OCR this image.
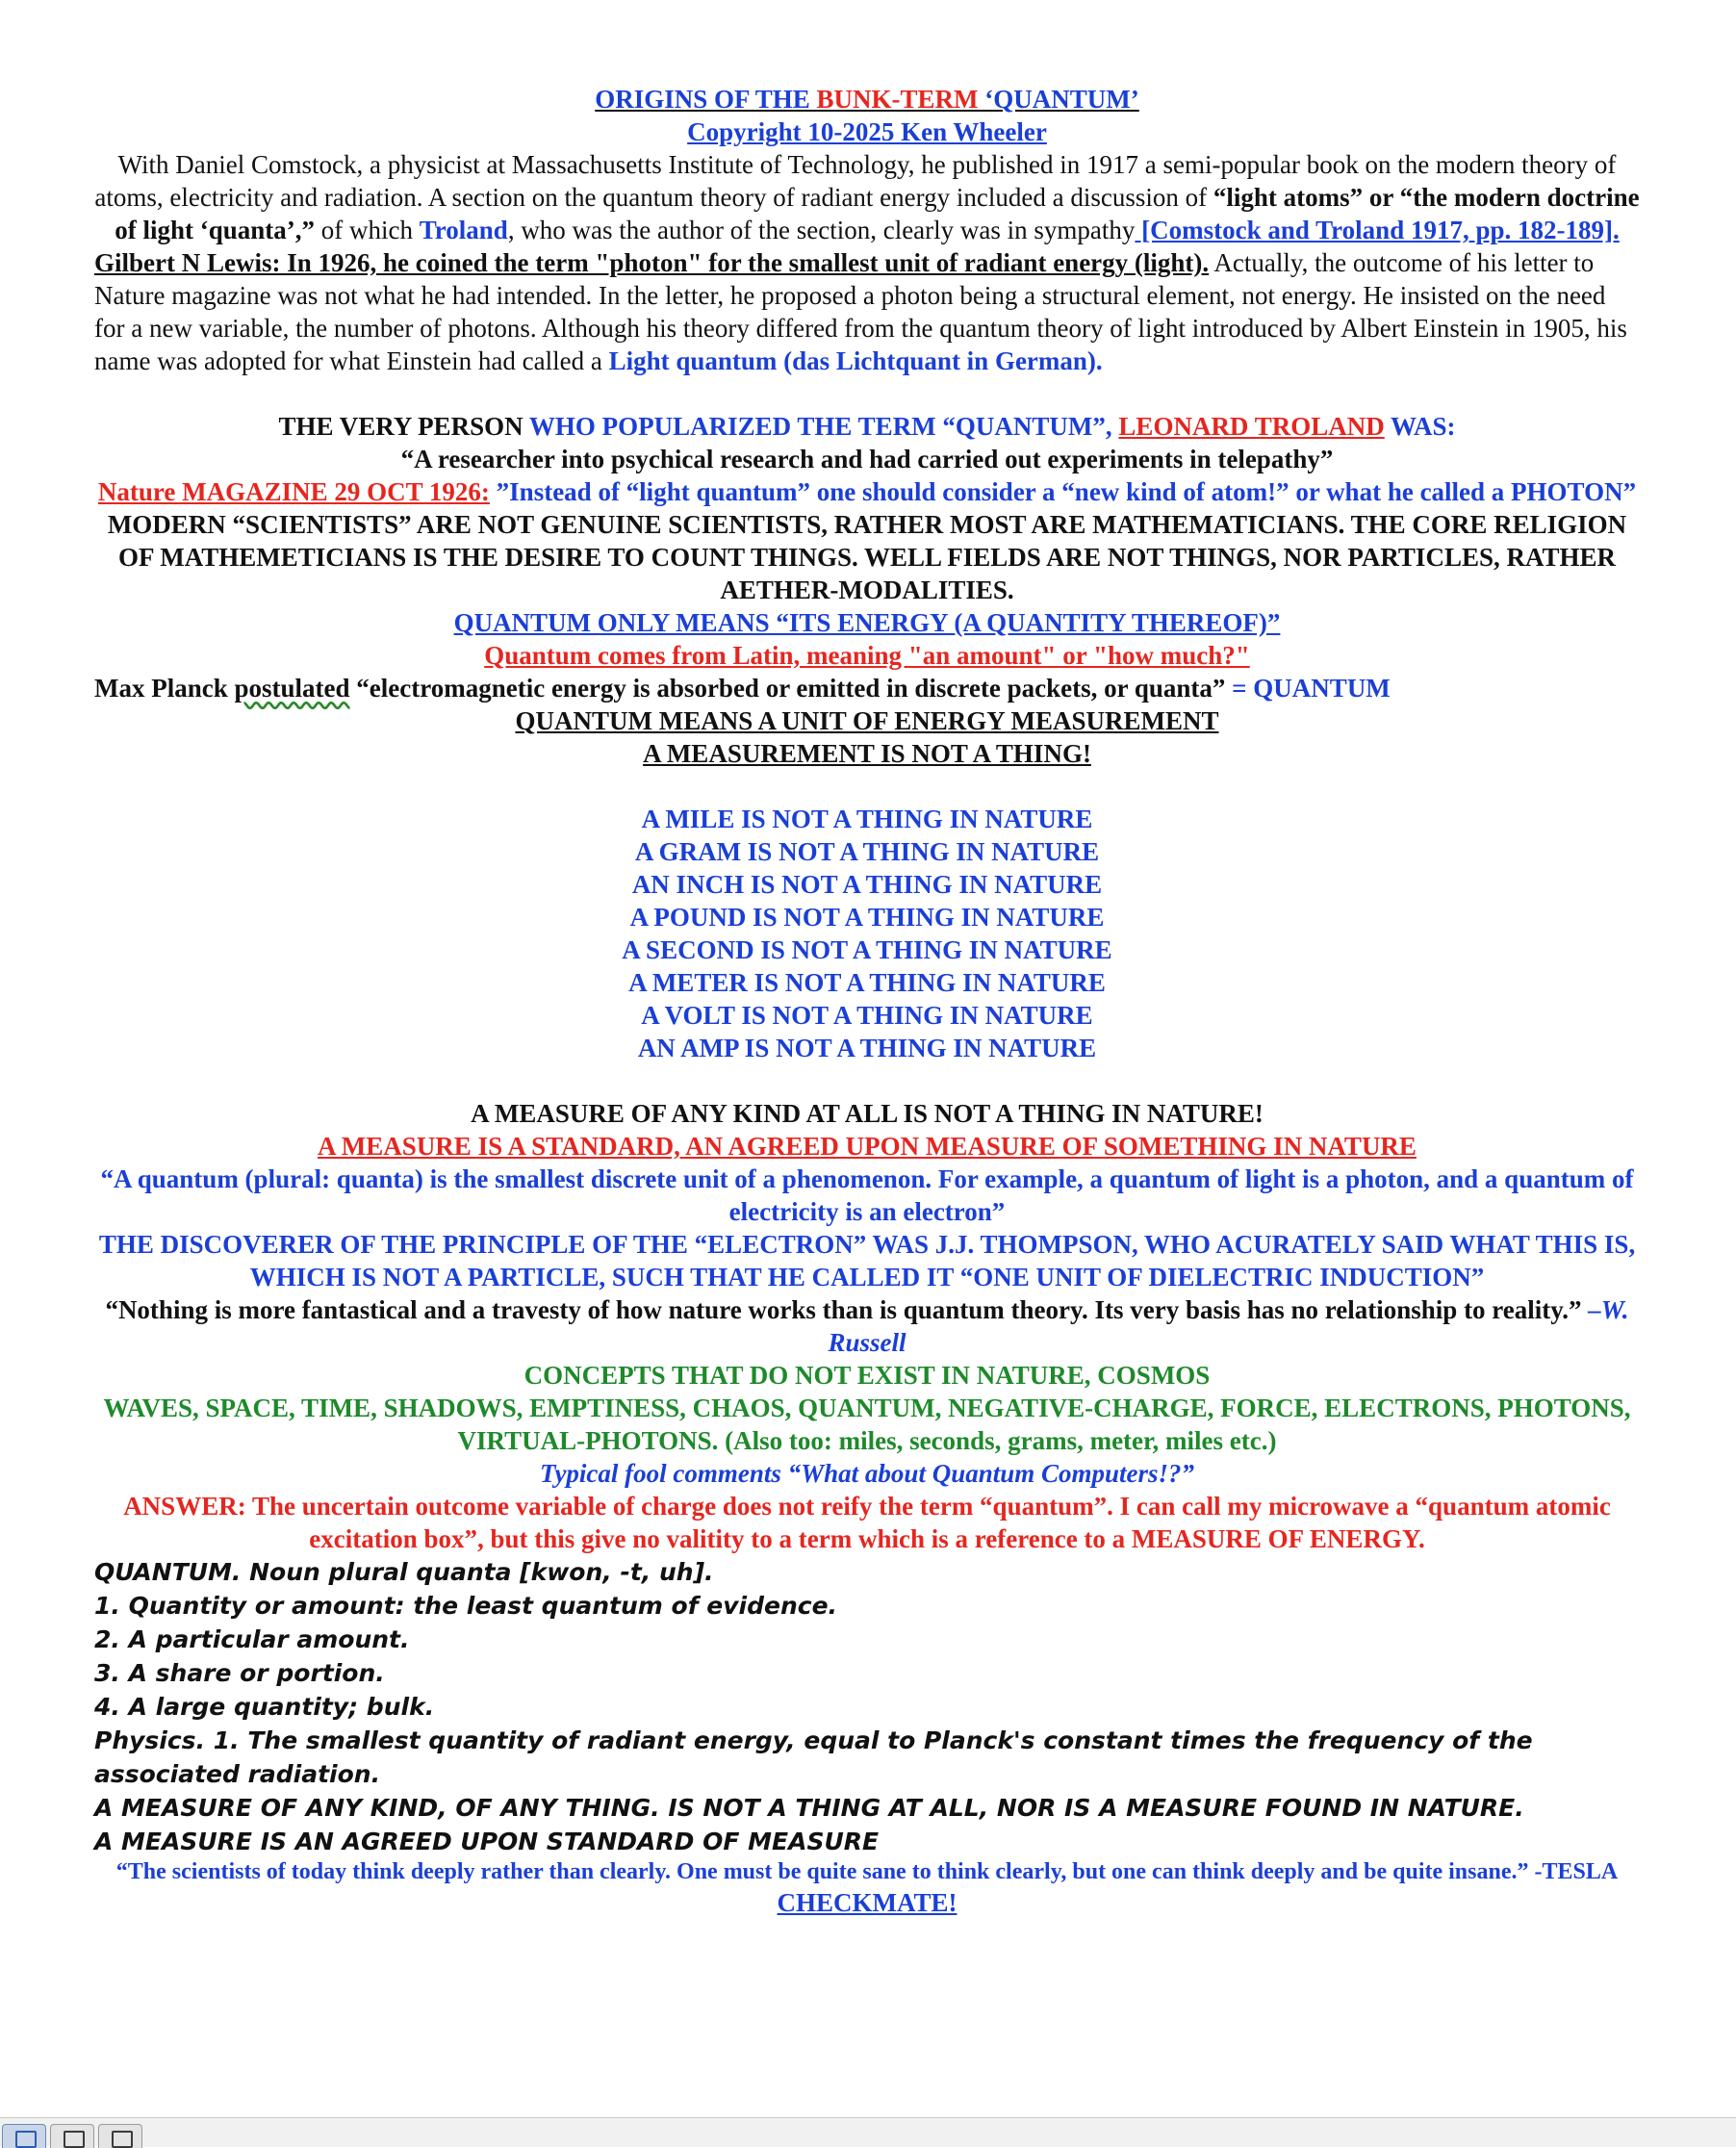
ORIGINS OF THE BUNK-TERM ‘QUANTUM’
Copyright 10-2025 Ken Wheeler
With Daniel Comstock, a physicist at Massachusetts Institute of Technology, he published in 1917 a semi-popular book on the modern theory of atoms, electricity and radiation. A section on the quantum theory of radiant energy included a discussion of “light atoms” or “the modern doctrine of light ‘quanta’,” of which Troland, who was the author of the section, clearly was in sympathy [Comstock and Troland 1917, pp. 182-189].
Gilbert N Lewis: In 1926, he coined the term "photon" for the smallest unit of radiant energy (light). Actually, the outcome of his letter to Nature magazine was not what he had intended. In the letter, he proposed a photon being a structural element, not energy. He insisted on the need for a new variable, the number of photons. Although his theory differed from the quantum theory of light introduced by Albert Einstein in 1905, his name was adopted for what Einstein had called a Light quantum (das Lichtquant in German).
THE VERY PERSON WHO POPULARIZED THE TERM “QUANTUM”, LEONARD TROLAND WAS:
“A researcher into psychical research and had carried out experiments in telepathy”
Nature MAGAZINE 29 OCT 1926: ”Instead of “light quantum” one should consider a “new kind of atom!” or what he called a PHOTON”
MODERN “SCIENTISTS” ARE NOT GENUINE SCIENTISTS, RATHER MOST ARE MATHEMATICIANS. THE CORE RELIGION OF MATHEMETICIANS IS THE DESIRE TO COUNT THINGS. WELL FIELDS ARE NOT THINGS, NOR PARTICLES, RATHER AETHER-MODALITIES.
QUANTUM ONLY MEANS “ITS ENERGY (A QUANTITY THEREOF)”
Quantum comes from Latin, meaning "an amount" or "how much?"
Max Planck postulated “electromagnetic energy is absorbed or emitted in discrete packets, or quanta” = QUANTUM
QUANTUM MEANS A UNIT OF ENERGY MEASUREMENT
A MEASUREMENT IS NOT A THING!
A MILE IS NOT A THING IN NATURE
A GRAM IS NOT A THING IN NATURE
AN INCH IS NOT A THING IN NATURE
A POUND IS NOT A THING IN NATURE
A SECOND IS NOT A THING IN NATURE
A METER IS NOT A THING IN NATURE
A VOLT IS NOT A THING IN NATURE
AN AMP IS NOT A THING IN NATURE
A MEASURE OF ANY KIND AT ALL IS NOT A THING IN NATURE!
A MEASURE IS A STANDARD, AN AGREED UPON MEASURE OF SOMETHING IN NATURE
“A quantum (plural: quanta) is the smallest discrete unit of a phenomenon. For example, a quantum of light is a photon, and a quantum of electricity is an electron”
THE DISCOVERER OF THE PRINCIPLE OF THE “ELECTRON” WAS J.J. THOMPSON, WHO ACURATELY SAID WHAT THIS IS, WHICH IS NOT A PARTICLE, SUCH THAT HE CALLED IT “ONE UNIT OF DIELECTRIC INDUCTION”
“Nothing is more fantastical and a travesty of how nature works than is quantum theory. Its very basis has no relationship to reality.” –W. Russell
CONCEPTS THAT DO NOT EXIST IN NATURE, COSMOS
WAVES, SPACE, TIME, SHADOWS, EMPTINESS, CHAOS, QUANTUM, NEGATIVE-CHARGE, FORCE, ELECTRONS, PHOTONS, VIRTUAL-PHOTONS. (Also too: miles, seconds, grams, meter, miles etc.)
Typical fool comments “What about Quantum Computers!?”
ANSWER: The uncertain outcome variable of charge does not reify the term “quantum”. I can call my microwave a “quantum atomic excitation box”, but this give no valitity to a term which is a reference to a MEASURE OF ENERGY.
QUANTUM. Noun plural quanta [kwon, -t, uh].
1. Quantity or amount: the least quantum of evidence.
2. A particular amount.
3. A share or portion.
4. A large quantity; bulk.
Physics. 1. The smallest quantity of radiant energy, equal to Planck's constant times the frequency of the associated radiation.
A MEASURE OF ANY KIND, OF ANY THING. IS NOT A THING AT ALL, NOR IS A MEASURE FOUND IN NATURE.
A MEASURE IS AN AGREED UPON STANDARD OF MEASURE
“The scientists of today think deeply rather than clearly. One must be quite sane to think clearly, but one can think deeply and be quite insane.” -TESLA
CHECKMATE!
